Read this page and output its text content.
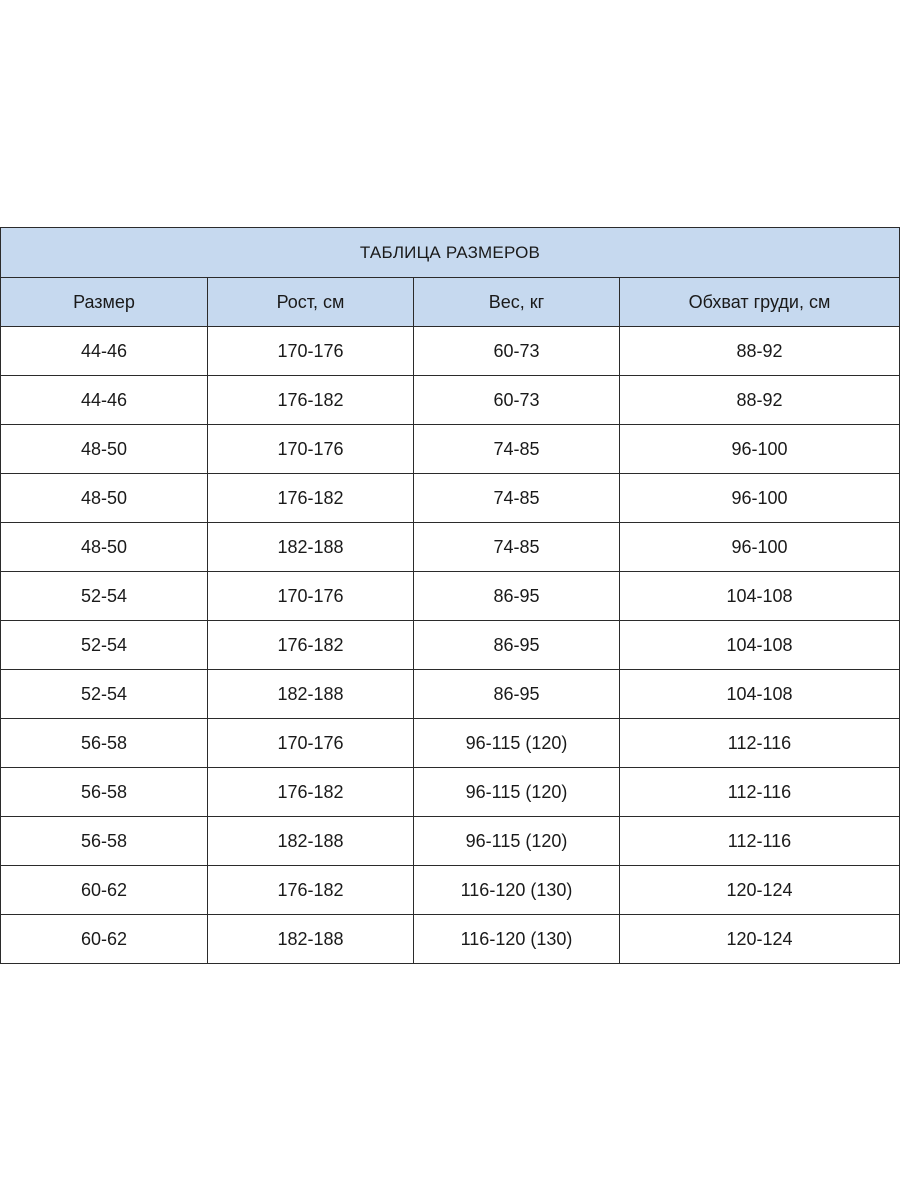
ТАБЛИЦА РАЗМЕРОВ			
Размер	Рост, см	Вес, кг	Обхват груди, см
44-46	170-176	60-73	88-92
44-46	176-182	60-73	88-92
48-50	170-176	74-85	96-100
48-50	176-182	74-85	96-100
48-50	182-188	74-85	96-100
52-54	170-176	86-95	104-108
52-54	176-182	86-95	104-108
52-54	182-188	86-95	104-108
56-58	170-176	96-115 (120)	112-116
56-58	176-182	96-115 (120)	112-116
56-58	182-188	96-115 (120)	112-116
60-62	176-182	116-120 (130)	120-124
60-62	182-188	116-120 (130)	120-124
